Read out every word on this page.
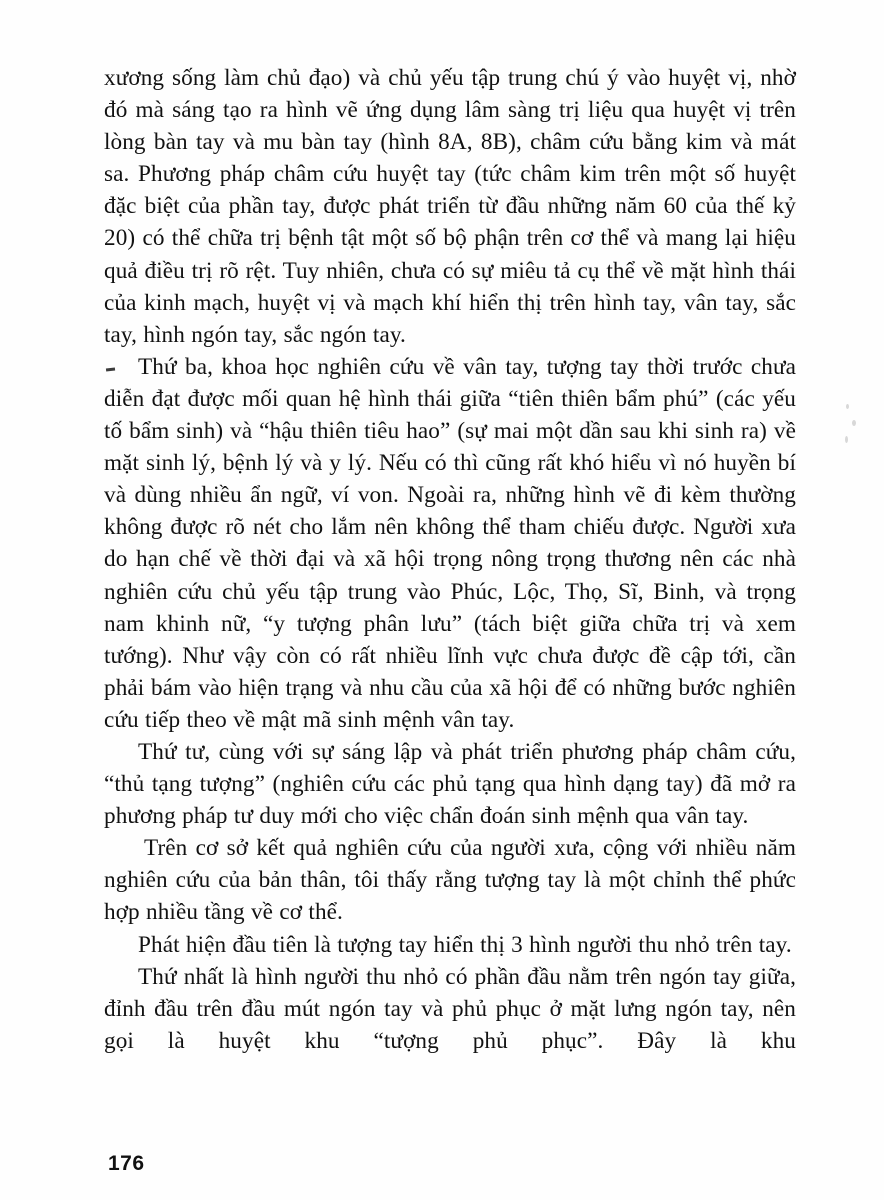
xương sống làm chủ đạo) và chủ yếu tập trung chú ý vào huyệt vị, nhờ đó mà sáng tạo ra hình vẽ ứng dụng lâm sàng trị liệu qua huyệt vị trên lòng bàn tay và mu bàn tay (hình 8A, 8B), châm cứu bằng kim và mát sa. Phương pháp châm cứu huyệt tay (tức châm kim trên một số huyệt đặc biệt của phần tay, được phát triển từ đầu những năm 60 của thế kỷ 20) có thể chữa trị bệnh tật một số bộ phận trên cơ thể và mang lại hiệu quả điều trị rõ rệt. Tuy nhiên, chưa có sự miêu tả cụ thể về mặt hình thái của kinh mạch, huyệt vị và mạch khí hiển thị trên hình tay, vân tay, sắc tay, hình ngón tay, sắc ngón tay.

Thứ ba, khoa học nghiên cứu về vân tay, tượng tay thời trước chưa diễn đạt được mối quan hệ hình thái giữa “tiên thiên bẩm phú” (các yếu tố bẩm sinh) và “hậu thiên tiêu hao” (sự mai một dần sau khi sinh ra) về mặt sinh lý, bệnh lý và y lý. Nếu có thì cũng rất khó hiểu vì nó huyền bí và dùng nhiều ẩn ngữ, ví von. Ngoài ra, những hình vẽ đi kèm thường không được rõ nét cho lắm nên không thể tham chiếu được. Người xưa do hạn chế về thời đại và xã hội trọng nông trọng thương nên các nhà nghiên cứu chủ yếu tập trung vào Phúc, Lộc, Thọ, Sĩ, Binh, và trọng nam khinh nữ, “y tượng phân lưu” (tách biệt giữa chữa trị và xem tướng). Như vậy còn có rất nhiều lĩnh vực chưa được đề cập tới, cần phải bám vào hiện trạng và nhu cầu của xã hội để có những bước nghiên cứu tiếp theo về mật mã sinh mệnh vân tay.

Thứ tư, cùng với sự sáng lập và phát triển phương pháp châm cứu, “thủ tạng tượng” (nghiên cứu các phủ tạng qua hình dạng tay) đã mở ra phương pháp tư duy mới cho việc chẩn đoán sinh mệnh qua vân tay.

Trên cơ sở kết quả nghiên cứu của người xưa, cộng với nhiều năm nghiên cứu của bản thân, tôi thấy rằng tượng tay là một chỉnh thể phức hợp nhiều tầng về cơ thể.

Phát hiện đầu tiên là tượng tay hiển thị 3 hình người thu nhỏ trên tay.

Thứ nhất là hình người thu nhỏ có phần đầu nằm trên ngón tay giữa, đỉnh đầu trên đầu mút ngón tay và phủ phục ở mặt lưng ngón tay, nên gọi là huyệt khu “tượng phủ phục”. Đây là khu

176
